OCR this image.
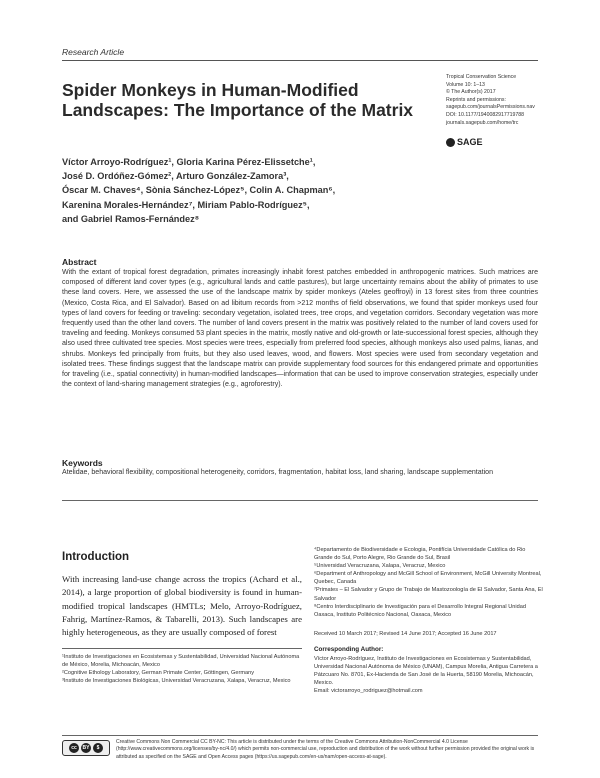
Research Article
Spider Monkeys in Human-Modified Landscapes: The Importance of the Matrix
Tropical Conservation Science
Volume 10: 1–13
© The Author(s) 2017
Reprints and permissions:
sagepub.com/journalsPermissions.nav
DOI: 10.1177/1940082917719788
journals.sagepub.com/home/trc
SAGE
Víctor Arroyo-Rodríguez¹, Gloria Karina Pérez-Elissetche¹,
José D. Ordóñez-Gómez², Arturo González-Zamora³,
Óscar M. Chaves⁴, Sònia Sánchez-López⁵, Colin A. Chapman⁶,
Karenina Morales-Hernández⁷, Miriam Pablo-Rodríguez⁵,
and Gabriel Ramos-Fernández⁸
Abstract
With the extant of tropical forest degradation, primates increasingly inhabit forest patches embedded in anthropogenic matrices. Such matrices are composed of different land cover types (e.g., agricultural lands and cattle pastures), but large uncertainty remains about the ability of primates to use these land covers. Here, we assessed the use of the landscape matrix by spider monkeys (Ateles geoffroyi) in 13 forest sites from three countries (Mexico, Costa Rica, and El Salvador). Based on ad libitum records from >212 months of field observations, we found that spider monkeys used four types of land covers for feeding or traveling: secondary vegetation, isolated trees, tree crops, and vegetation corridors. Secondary vegetation was more frequently used than the other land covers. The number of land covers present in the matrix was positively related to the number of land covers used for traveling and feeding. Monkeys consumed 53 plant species in the matrix, mostly native and old-growth or late-successional forest species, although they also used three cultivated tree species. Most species were trees, especially from preferred food species, although monkeys also used palms, lianas, and shrubs. Monkeys fed principally from fruits, but they also used leaves, wood, and flowers. Most species were used from secondary vegetation and isolated trees. These findings suggest that the landscape matrix can provide supplementary food sources for this endangered primate and opportunities for traveling (i.e., spatial connectivity) in human-modified landscapes—information that can be used to improve conservation strategies, especially under the context of land-sharing management strategies (e.g., agroforestry).
Keywords
Atelidae, behavioral flexibility, compositional heterogeneity, corridors, fragmentation, habitat loss, land sharing, landscape supplementation
Introduction
With increasing land-use change across the tropics (Achard et al., 2014), a large proportion of global biodiversity is found in human-modified tropical landscapes (HMTLs; Melo, Arroyo-Rodríguez, Fahrig, Martínez-Ramos, & Tabarelli, 2013). Such landscapes are highly heterogeneous, as they are usually composed of forest
¹Instituto de Investigaciones en Ecosistemas y Sustentabilidad, Universidad Nacional Autónoma de México, Morelia, Michoacán, Mexico
²Cognitive Ethology Laboratory, German Primate Center, Göttingen, Germany
³Instituto de Investigaciones Biológicas, Universidad Veracruzana, Xalapa, Veracruz, Mexico
⁴Departamento de Biodiversidade e Ecologia, Pontifícia Universidade Católica do Rio Grande do Sul, Porto Alegre, Rio Grande do Sul, Brasil
⁵Universidad Veracruzana, Xalapa, Veracruz, Mexico
⁶Department of Anthropology and McGill School of Environment, McGill University Montreal, Quebec, Canada
⁷Primates – El Salvador y Grupo de Trabajo de Mastozoología de El Salvador, Santa Ana, El Salvador
⁸Centro Interdisciplinario de Investigación para el Desarrollo Integral Regional Unidad Oaxaca, Instituto Politécnico Nacional, Oaxaca, Mexico
Received 10 March 2017; Revised 14 June 2017; Accepted 16 June 2017
Corresponding Author:
Víctor Arroyo-Rodríguez, Instituto de Investigaciones en Ecosistemas y Sustentabilidad, Universidad Nacional Autónoma de México (UNAM), Campus Morelia, Antigua Carretera a Pátzcuaro No. 8701, Ex-Hacienda de San José de la Huerta, 58190 Morelia, Michoacán, Mexico.
Email: victorarroyo_rodriguez@hotmail.com
cc	BY	$
Creative Commons Non Commercial CC BY-NC: This article is distributed under the terms of the Creative Commons Attribution-NonCommercial 4.0 License (http://www.creativecommons.org/licenses/by-nc/4.0/) which permits non-commercial use, reproduction and distribution of the work without further permission provided the original work is attributed as specified on the SAGE and Open Access pages (https://us.sagepub.com/en-us/nam/open-access-at-sage).
